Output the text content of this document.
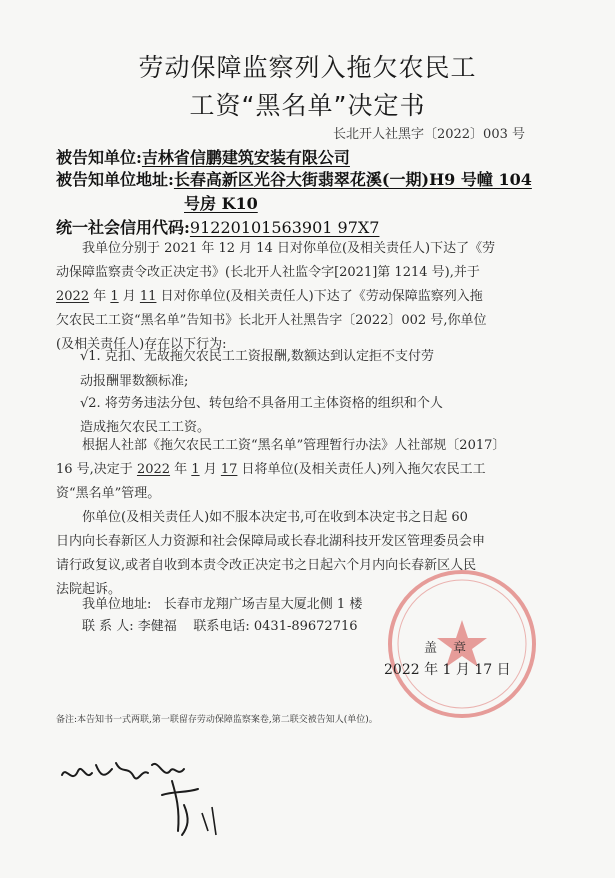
劳动保障监察列入拖欠农民工
工资“黑名单”决定书
长北开人社黑字〔2022〕003 号
被告知单位:吉林省信鹏建筑安装有限公司
被告知单位地址:长春高新区光谷大街翡翠花溪(一期)H9 号幢 104
号房 K10
统一社会信用代码:91220101563901 97X7
我单位分别于 2021 年 12 月 14 日对你单位(及相关责任人)下达了《劳
动保障监察责令改正决定书》(长北开人社监令字[2021]第 1214 号),并于
2022 年 1 月 11 日对你单位(及相关责任人)下达了《劳动保障监察列入拖
欠农民工工资“黑名单”告知书》长北开人社黑告字〔2022〕002 号,你单位
(及相关责任人)存在以下行为:
√1. 克扣、无故拖欠农民工工资报酬,数额达到认定拒不支付劳
动报酬罪数额标准;
√2. 将劳务违法分包、转包给不具备用工主体资格的组织和个人
造成拖欠农民工工资。
根据人社部《拖欠农民工工资“黑名单”管理暂行办法》人社部规〔2017〕
16 号,决定于 2022 年 1 月 17 日将单位(及相关责任人)列入拖欠农民工工
资“黑名单”管理。
你单位(及相关责任人)如不服本决定书,可在收到本决定书之日起 60
日内向长春新区人力资源和社会保障局或长春北湖科技开发区管理委员会申
请行政复议,或者自收到本责令改正决定书之日起六个月内向长春新区人民
法院起诉。
我单位地址: 长春市龙翔广场吉星大厦北侧 1 楼
联 系 人: 李健福 联系电话: 0431-89672716
盖 章
2022 年 1 月 17 日
备注:本告知书一式两联,第一联留存劳动保障监察案卷,第二联交被告知人(单位)。
